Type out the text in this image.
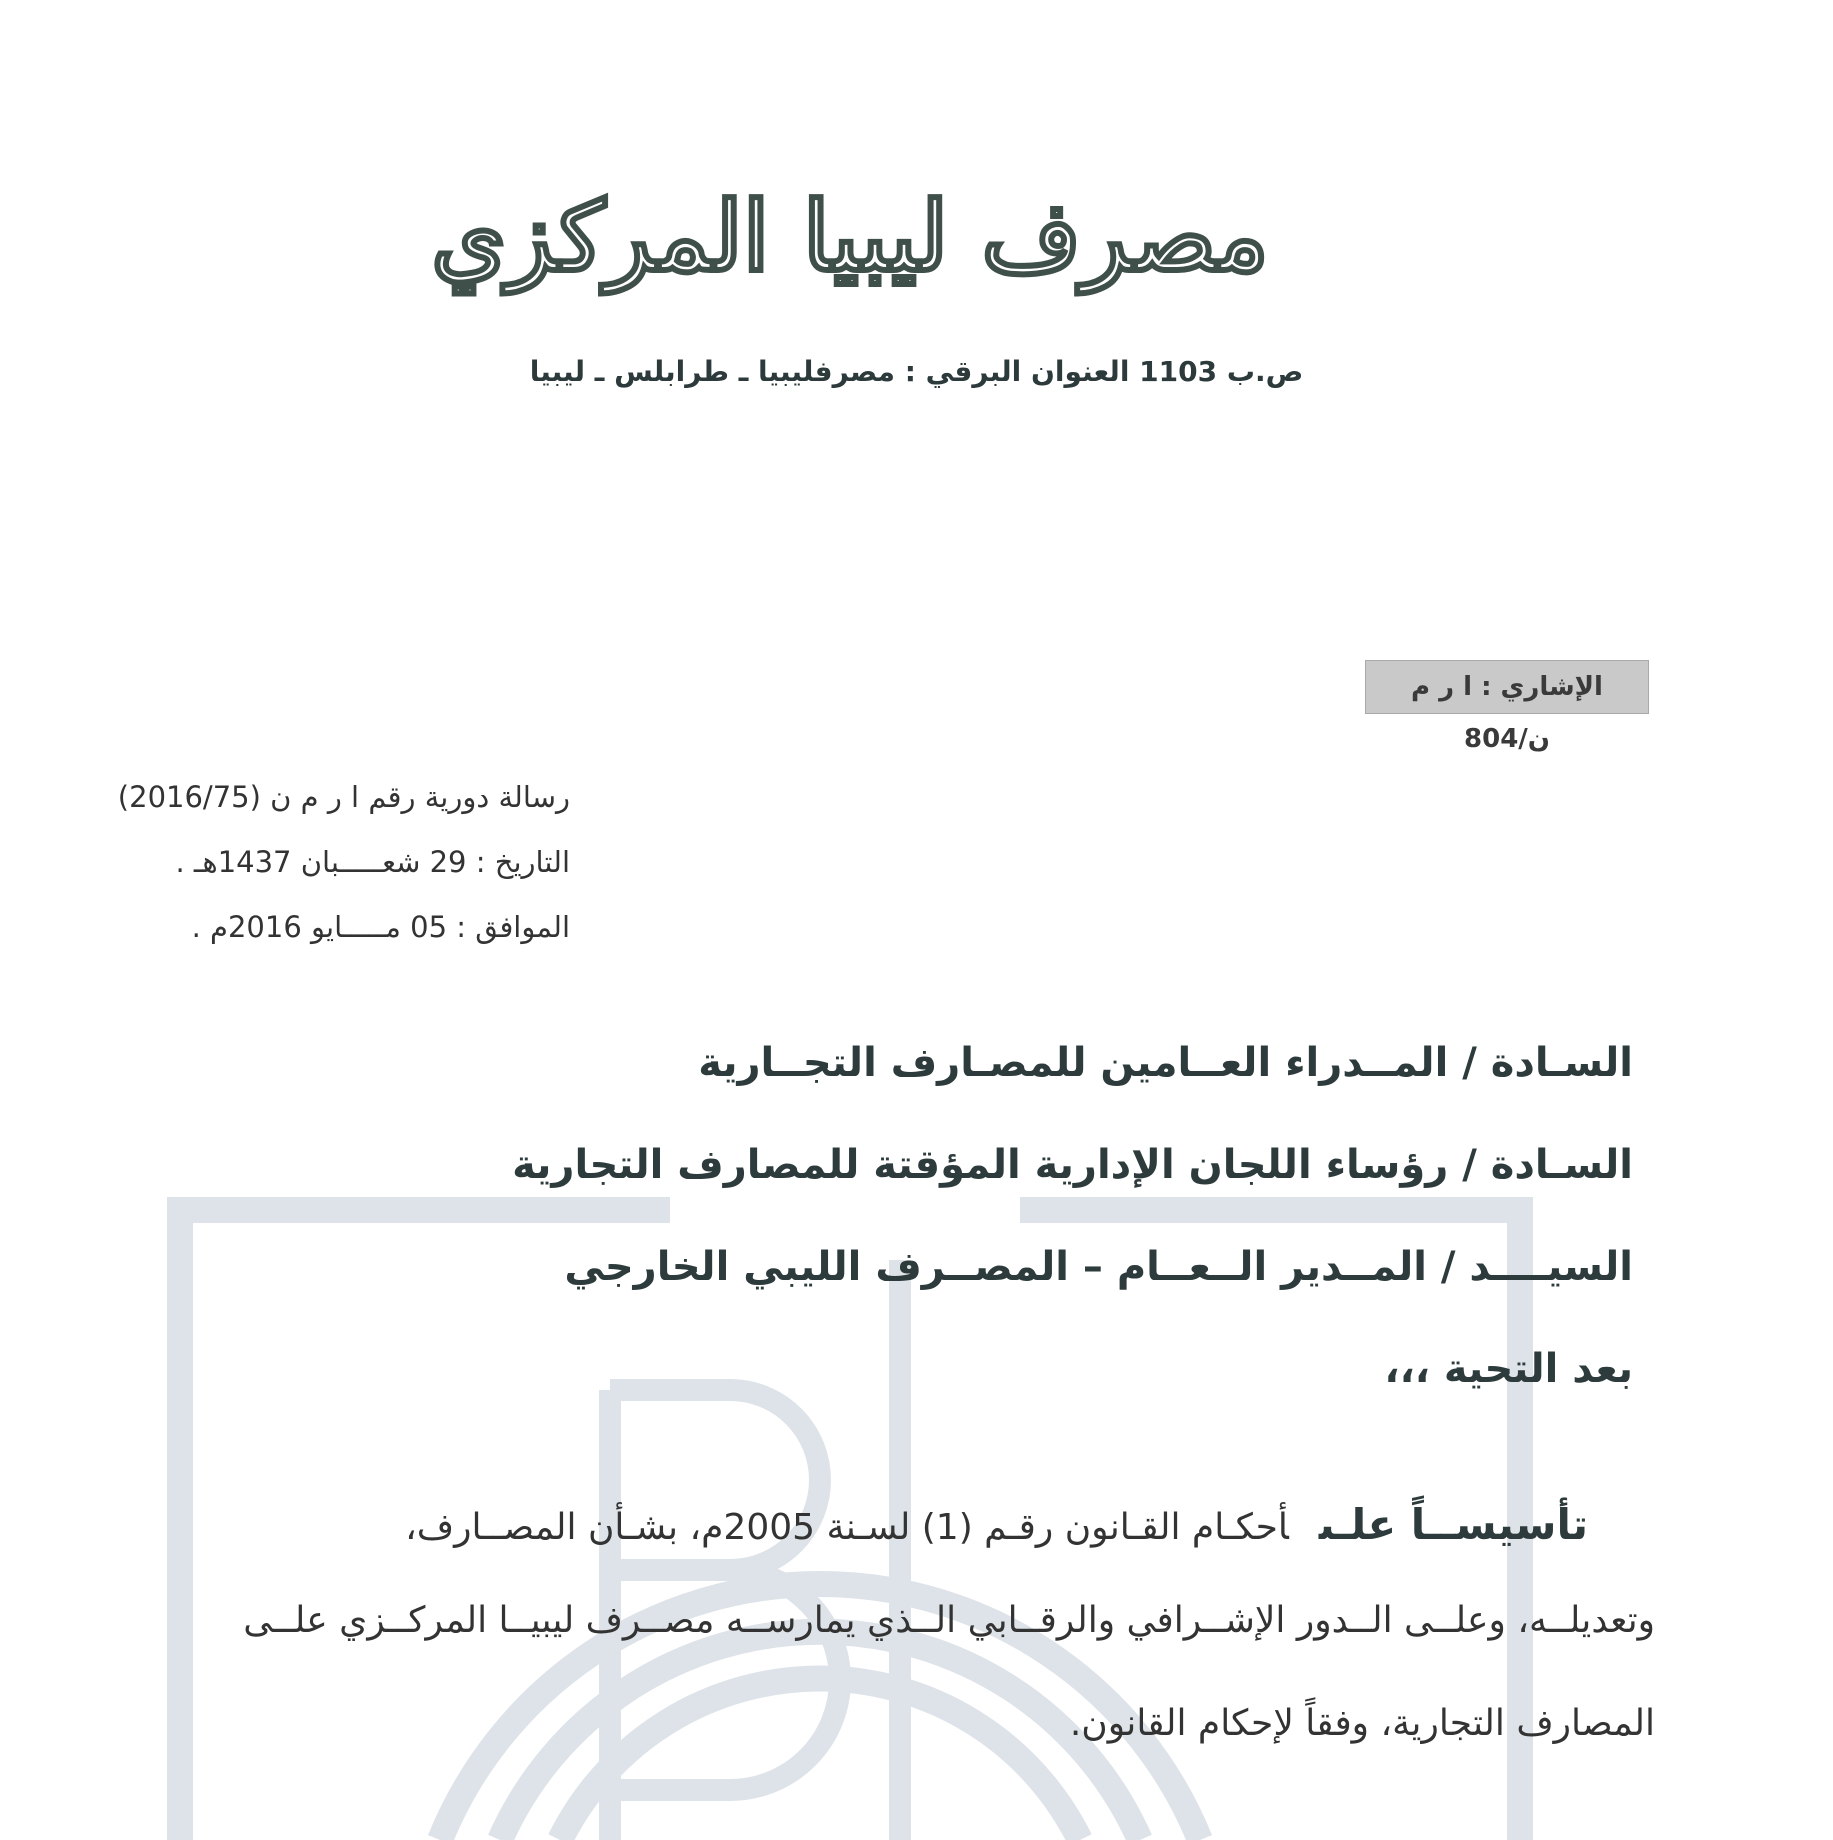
BL
مصرف ليبيا المركزي
ص.ب 1103 العنوان البرقي : مصرفليبيا ـ طرابلس ـ ليبيا
الإشاري : ا ر م ن/804
رسالة دورية رقم ا ر م ن (2016/75)
التاريخ : 29 شعـــــبان 1437هـ .
الموافق : 05 مـــــايو 2016م .
السـادة / المــدراء العــامين للمصـارف التجــارية
السـادة / رؤساء اللجان الإدارية المؤقتة للمصارف التجارية
السيــــد / المــدير الــعــام – المصــرف الليبي الخارجي
بعد التحية ،،،
تأسيســاً علـىأحكـام القـانون رقـم (1) لسـنة 2005م، بشـأن المصــارف،
وتعديلــه، وعلــى الــدور الإشــرافي والرقــابي الــذي يمارســه مصــرف ليبيــا المركــزي علــى
المصارف التجارية، وفقاً لإحكام القانون.
